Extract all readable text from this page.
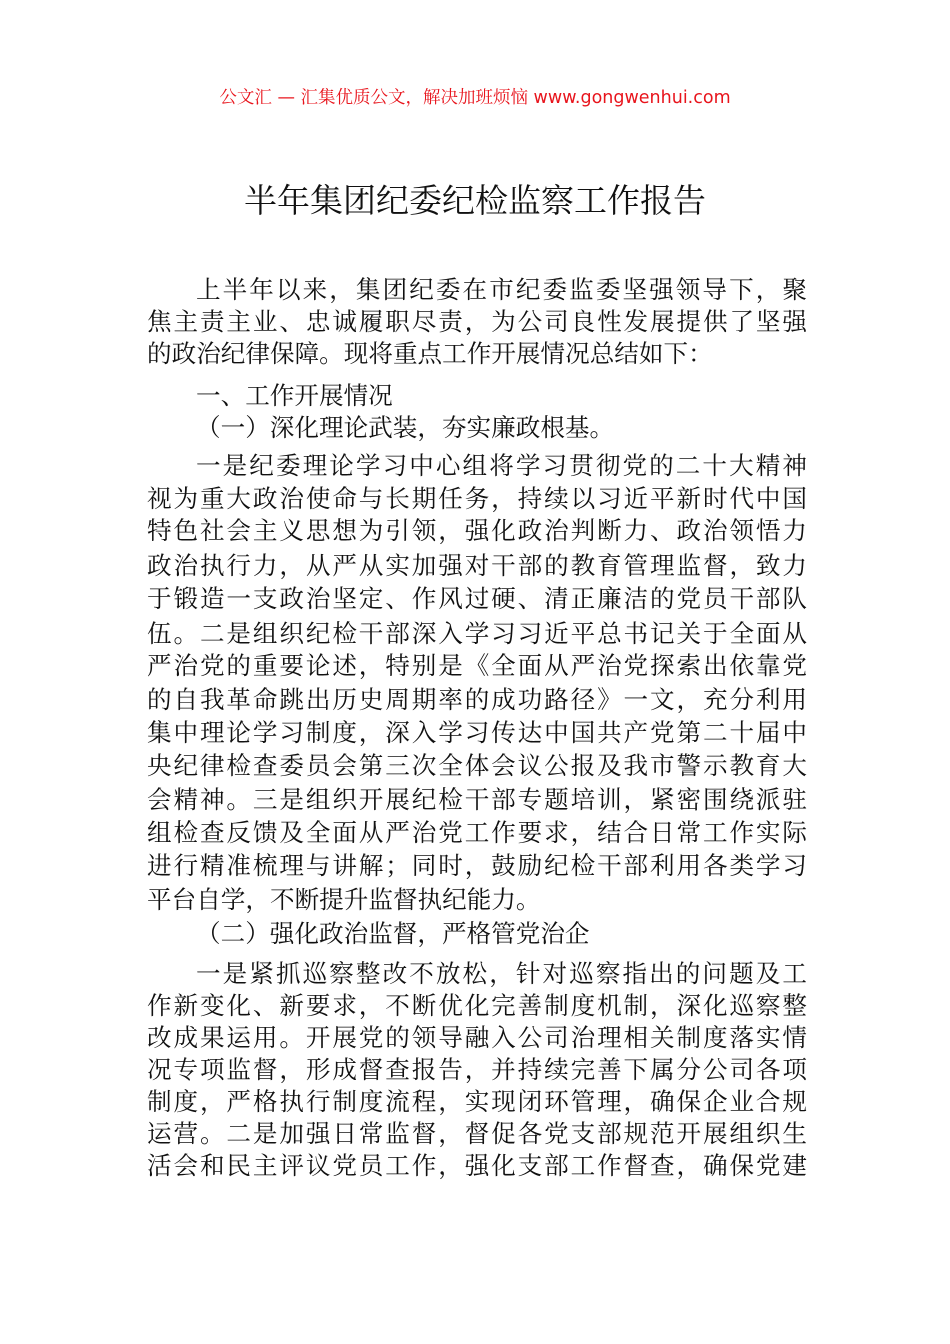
公文汇 — 汇集优质公文，解决加班烦恼 www.gongwenhui.com
半年集团纪委纪检监察工作报告
上半年以来，集团纪委在市纪委监委坚强领导下，聚
焦主责主业、忠诚履职尽责，为公司良性发展提供了坚强
的政治纪律保障。现将重点工作开展情况总结如下：
一、工作开展情况
（一）深化理论武装，夯实廉政根基。
一是纪委理论学习中心组将学习贯彻党的二十大精神
视为重大政治使命与长期任务，持续以习近平新时代中国
特色社会主义思想为引领，强化政治判断力、政治领悟力
政治执行力，从严从实加强对干部的教育管理监督，致力
于锻造一支政治坚定、作风过硬、清正廉洁的党员干部队
伍。二是组织纪检干部深入学习习近平总书记关于全面从
严治党的重要论述，特别是《全面从严治党探索出依靠党
的自我革命跳出历史周期率的成功路径》一文，充分利用
集中理论学习制度，深入学习传达中国共产党第二十届中
央纪律检查委员会第三次全体会议公报及我市警示教育大
会精神。三是组织开展纪检干部专题培训，紧密围绕派驻
组检查反馈及全面从严治党工作要求，结合日常工作实际
进行精准梳理与讲解；同时，鼓励纪检干部利用各类学习
平台自学，不断提升监督执纪能力。
（二）强化政治监督，严格管党治企
一是紧抓巡察整改不放松，针对巡察指出的问题及工
作新变化、新要求，不断优化完善制度机制，深化巡察整
改成果运用。开展党的领导融入公司治理相关制度落实情
况专项监督，形成督查报告，并持续完善下属分公司各项
制度，严格执行制度流程，实现闭环管理，确保企业合规
运营。二是加强日常监督，督促各党支部规范开展组织生
活会和民主评议党员工作，强化支部工作督查，确保党建
